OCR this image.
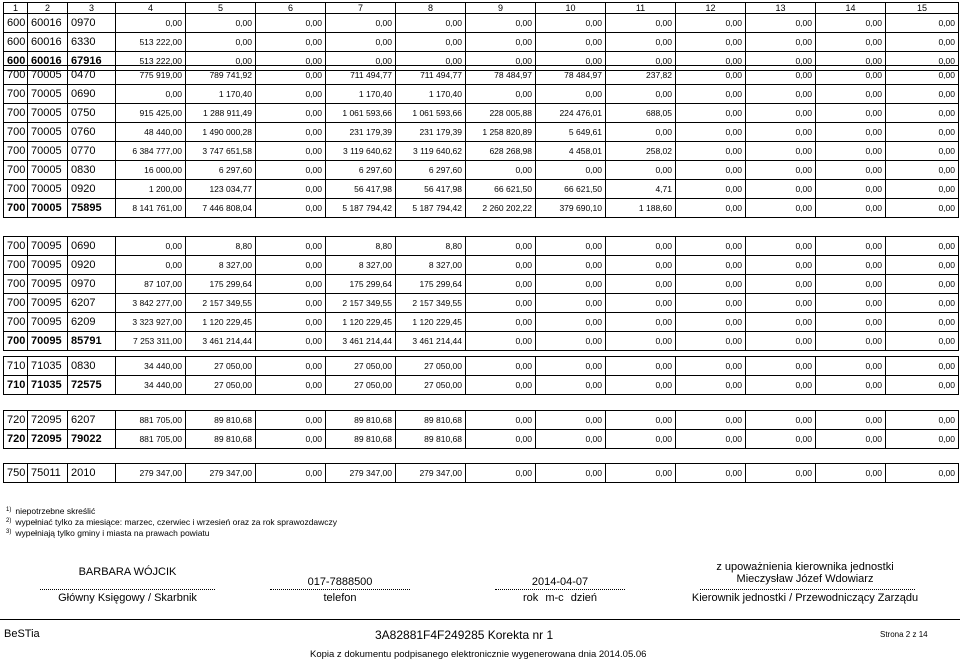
1	2	3	4	5	6	7	8	9	10	11	12	13	14	15
600	60016	0970	0,00	0,00	0,00	0,00	0,00	0,00	0,00	0,00	0,00	0,00	0,00	0,00
600	60016	6330	513 222,00	0,00	0,00	0,00	0,00	0,00	0,00	0,00	0,00	0,00	0,00	0,00
600	60016	67916	513 222,00	0,00	0,00	0,00	0,00	0,00	0,00	0,00	0,00	0,00	0,00	0,00
700	70005	0470	775 919,00	789 741,92	0,00	711 494,77	711 494,77	78 484,97	78 484,97	237,82	0,00	0,00	0,00	0,00
700	70005	0690	0,00	1 170,40	0,00	1 170,40	1 170,40	0,00	0,00	0,00	0,00	0,00	0,00	0,00
700	70005	0750	915 425,00	1 288 911,49	0,00	1 061 593,66	1 061 593,66	228 005,88	224 476,01	688,05	0,00	0,00	0,00	0,00
700	70005	0760	48 440,00	1 490 000,28	0,00	231 179,39	231 179,39	1 258 820,89	5 649,61	0,00	0,00	0,00	0,00	0,00
700	70005	0770	6 384 777,00	3 747 651,58	0,00	3 119 640,62	3 119 640,62	628 268,98	4 458,01	258,02	0,00	0,00	0,00	0,00
700	70005	0830	16 000,00	6 297,60	0,00	6 297,60	6 297,60	0,00	0,00	0,00	0,00	0,00	0,00	0,00
700	70005	0920	1 200,00	123 034,77	0,00	56 417,98	56 417,98	66 621,50	66 621,50	4,71	0,00	0,00	0,00	0,00
700	70005	75895	8 141 761,00	7 446 808,04	0,00	5 187 794,42	5 187 794,42	2 260 202,22	379 690,10	1 188,60	0,00	0,00	0,00	0,00
700	70095	0690	0,00	8,80	0,00	8,80	8,80	0,00	0,00	0,00	0,00	0,00	0,00	0,00
700	70095	0920	0,00	8 327,00	0,00	8 327,00	8 327,00	0,00	0,00	0,00	0,00	0,00	0,00	0,00
700	70095	0970	87 107,00	175 299,64	0,00	175 299,64	175 299,64	0,00	0,00	0,00	0,00	0,00	0,00	0,00
700	70095	6207	3 842 277,00	2 157 349,55	0,00	2 157 349,55	2 157 349,55	0,00	0,00	0,00	0,00	0,00	0,00	0,00
700	70095	6209	3 323 927,00	1 120 229,45	0,00	1 120 229,45	1 120 229,45	0,00	0,00	0,00	0,00	0,00	0,00	0,00
700	70095	85791	7 253 311,00	3 461 214,44	0,00	3 461 214,44	3 461 214,44	0,00	0,00	0,00	0,00	0,00	0,00	0,00
710	71035	0830	34 440,00	27 050,00	0,00	27 050,00	27 050,00	0,00	0,00	0,00	0,00	0,00	0,00	0,00
710	71035	72575	34 440,00	27 050,00	0,00	27 050,00	27 050,00	0,00	0,00	0,00	0,00	0,00	0,00	0,00
720	72095	6207	881 705,00	89 810,68	0,00	89 810,68	89 810,68	0,00	0,00	0,00	0,00	0,00	0,00	0,00
720	72095	79022	881 705,00	89 810,68	0,00	89 810,68	89 810,68	0,00	0,00	0,00	0,00	0,00	0,00	0,00
750	75011	2010	279 347,00	279 347,00	0,00	279 347,00	279 347,00	0,00	0,00	0,00	0,00	0,00	0,00	0,00
$^{1)}$ niepotrzebne skreślić
$^{2)}$ wypełniać tylko za miesiące: marzec, czerwiec i wrzesień oraz za rok sprawozdawczy
$^{3)}$ wypełniają tylko gminy i miasta na prawach powiatu
BARBARA WÓJCIK
Główny Księgowy / Skarbnik
017-7888500
telefon
2014-04-07
rok m-c dzień
z upoważnienia kierownika jednostki
Mieczysław Józef Wdowiarz
Kierownik jednostki / Przewodniczący Zarządu
BeSTia	3A82881F4F249285 Korekta nr 1	Strona 2 z 14
Kopia z dokumentu podpisanego elektronicznie wygenerowana dnia 2014.05.06
